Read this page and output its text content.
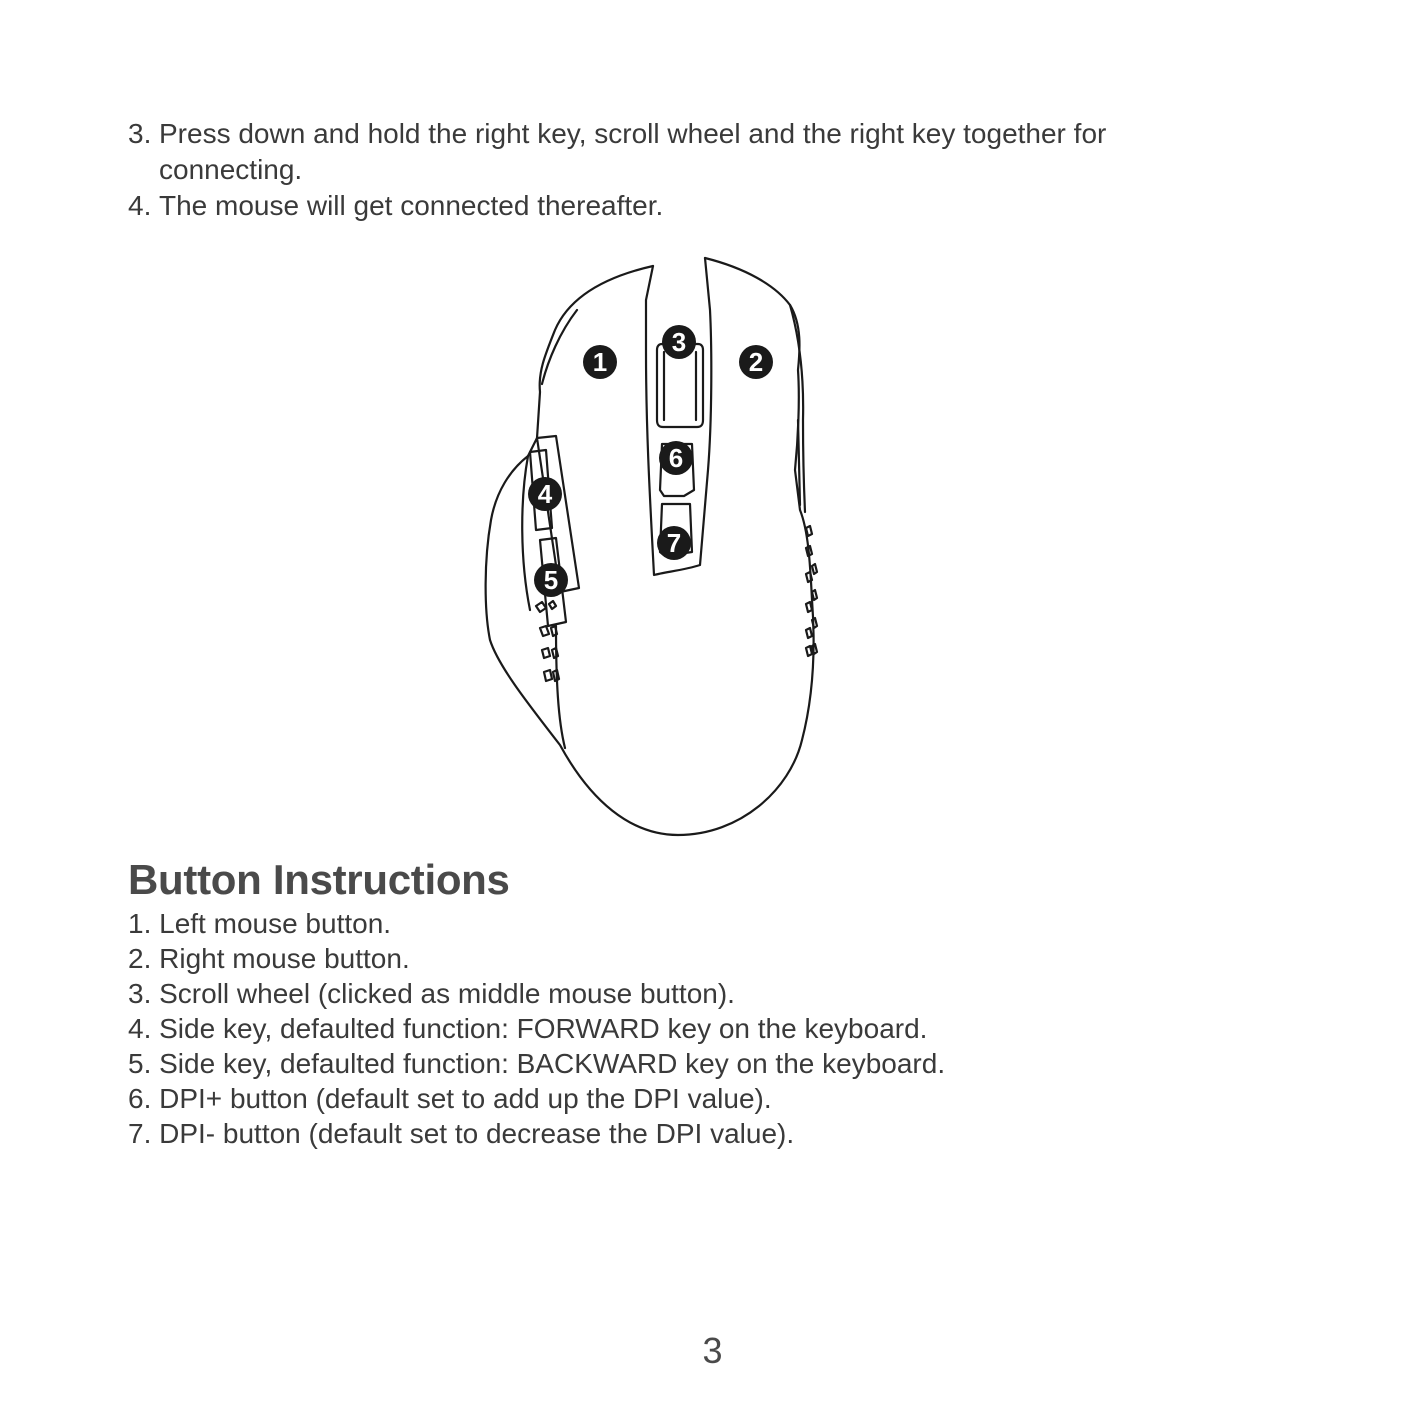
3. Press down and hold the right key, scroll wheel and the right key together for connecting.
4. The mouse will get connected thereafter.
1	2
3
4
5
6
7
Button Instructions
1. Left mouse button.
2. Right mouse button.
3. Scroll wheel (clicked as middle mouse button).
4. Side key, defaulted function: FORWARD key on the keyboard.
5. Side key, defaulted function: BACKWARD key on the keyboard.
6. DPI+ button (default set to add up the DPI value).
7. DPI- button (default set to decrease the DPI value).
3
